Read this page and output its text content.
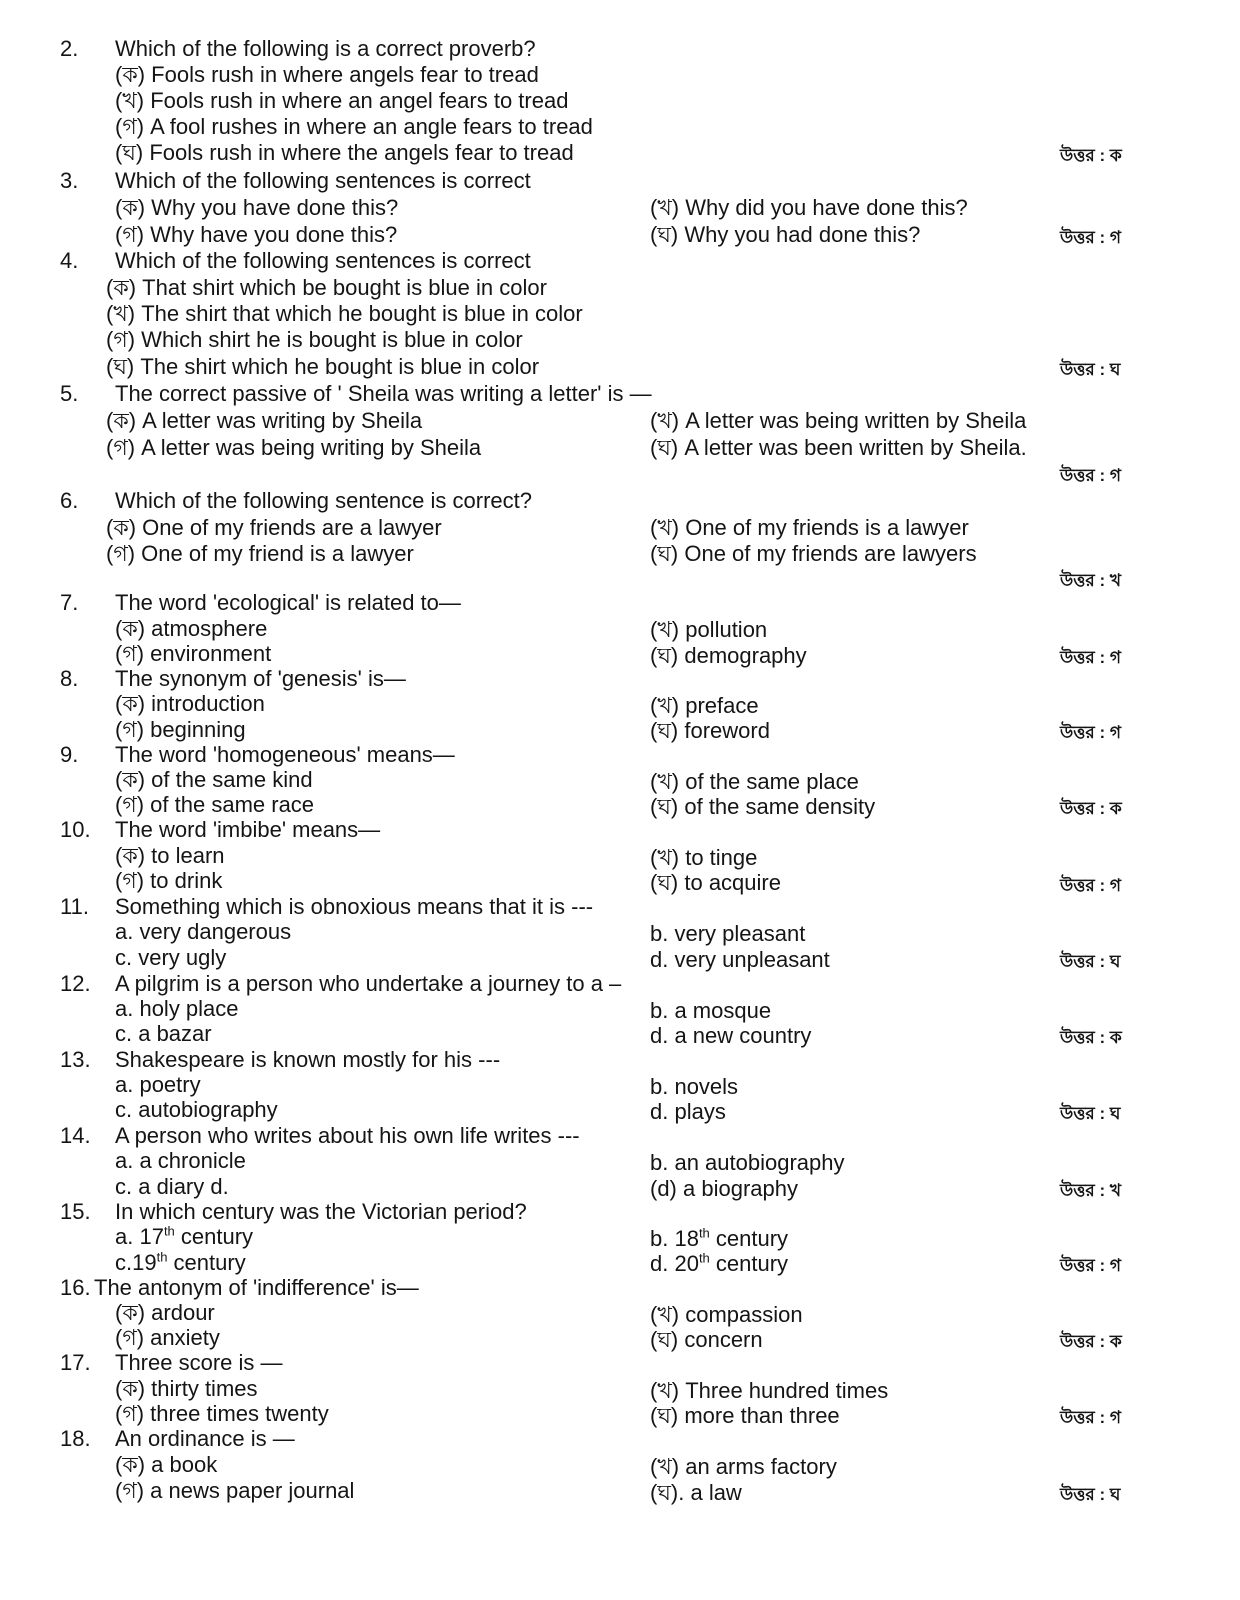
2.	Which of the following is a correct proverb?
(ক) Fools rush in where angels fear to tread
(খ) Fools rush in where an angel fears to tread
(গ) A fool rushes in where an angle fears to tread
(ঘ) Fools rush in where the angels fear to tread	উত্তর : ক
3.	Which of the following sentences is correct
(ক) Why you have done this?	(খ) Why did you have done this?
(গ) Why have you done this?	(ঘ) Why you had done this?	উত্তর : গ
4.	Which of the following sentences is correct
(ক) That shirt which be bought is blue in color
(খ) The shirt that which he bought is blue in color
(গ) Which shirt he is bought is blue in color
(ঘ) The shirt which he bought is blue in color	উত্তর : ঘ
5.	The correct passive of ' Sheila was writing a letter' is —
(ক) A letter was writing by Sheila	(খ) A letter was being written by Sheila
(গ) A letter was being writing by Sheila	(ঘ) A letter was been written by Sheila.
উত্তর : গ
6.	Which of the following sentence is correct?
(ক) One of my friends are a lawyer	(খ) One of my friends is a lawyer
(গ) One of my friend is a lawyer	(ঘ) One of my friends are lawyers
উত্তর : খ
7.	The word 'ecological' is related to—
(ক) atmosphere	(খ) pollution
(গ) environment	(ঘ) demography	উত্তর : গ
8.	The synonym of 'genesis' is—
(ক) introduction	(খ) preface
(গ) beginning	(ঘ) foreword	উত্তর : গ
9.	The word 'homogeneous' means—
(ক) of the same kind	(খ) of the same place
(গ) of the same race	(ঘ) of the same density	উত্তর : ক
10.	The word 'imbibe' means—
(ক) to learn	(খ) to tinge
(গ) to drink	(ঘ) to acquire	উত্তর : গ
11.	Something which is obnoxious means that it is ---
a. very dangerous	b. very pleasant
c. very ugly	d. very unpleasant	উত্তর : ঘ
12.	A pilgrim is a person who undertake a journey to a –
a. holy place	b. a mosque
c. a bazar	d. a new country	উত্তর : ক
13.	Shakespeare is known mostly for his ---
a. poetry	b. novels
c. autobiography	d. plays	উত্তর : ঘ
14.	A person who writes about his own life writes ---
a. a chronicle	b. an autobiography
c. a diary d.	(d) a biography	উত্তর : খ
15.	In which century was the Victorian period?
a. 17th century	b. 18th century
c.19th century	d. 20th century	উত্তর : গ
16. The antonym of 'indifference' is—
(ক) ardour	(খ) compassion
(গ) anxiety	(ঘ) concern	উত্তর : ক
17.	Three score is —
(ক) thirty times	(খ) Three hundred times
(গ) three times twenty	(ঘ) more than three	উত্তর : গ
18.	An ordinance is —
(ক) a book	(খ) an arms factory
(গ) a news paper journal	(ঘ). a law	উত্তর : ঘ
